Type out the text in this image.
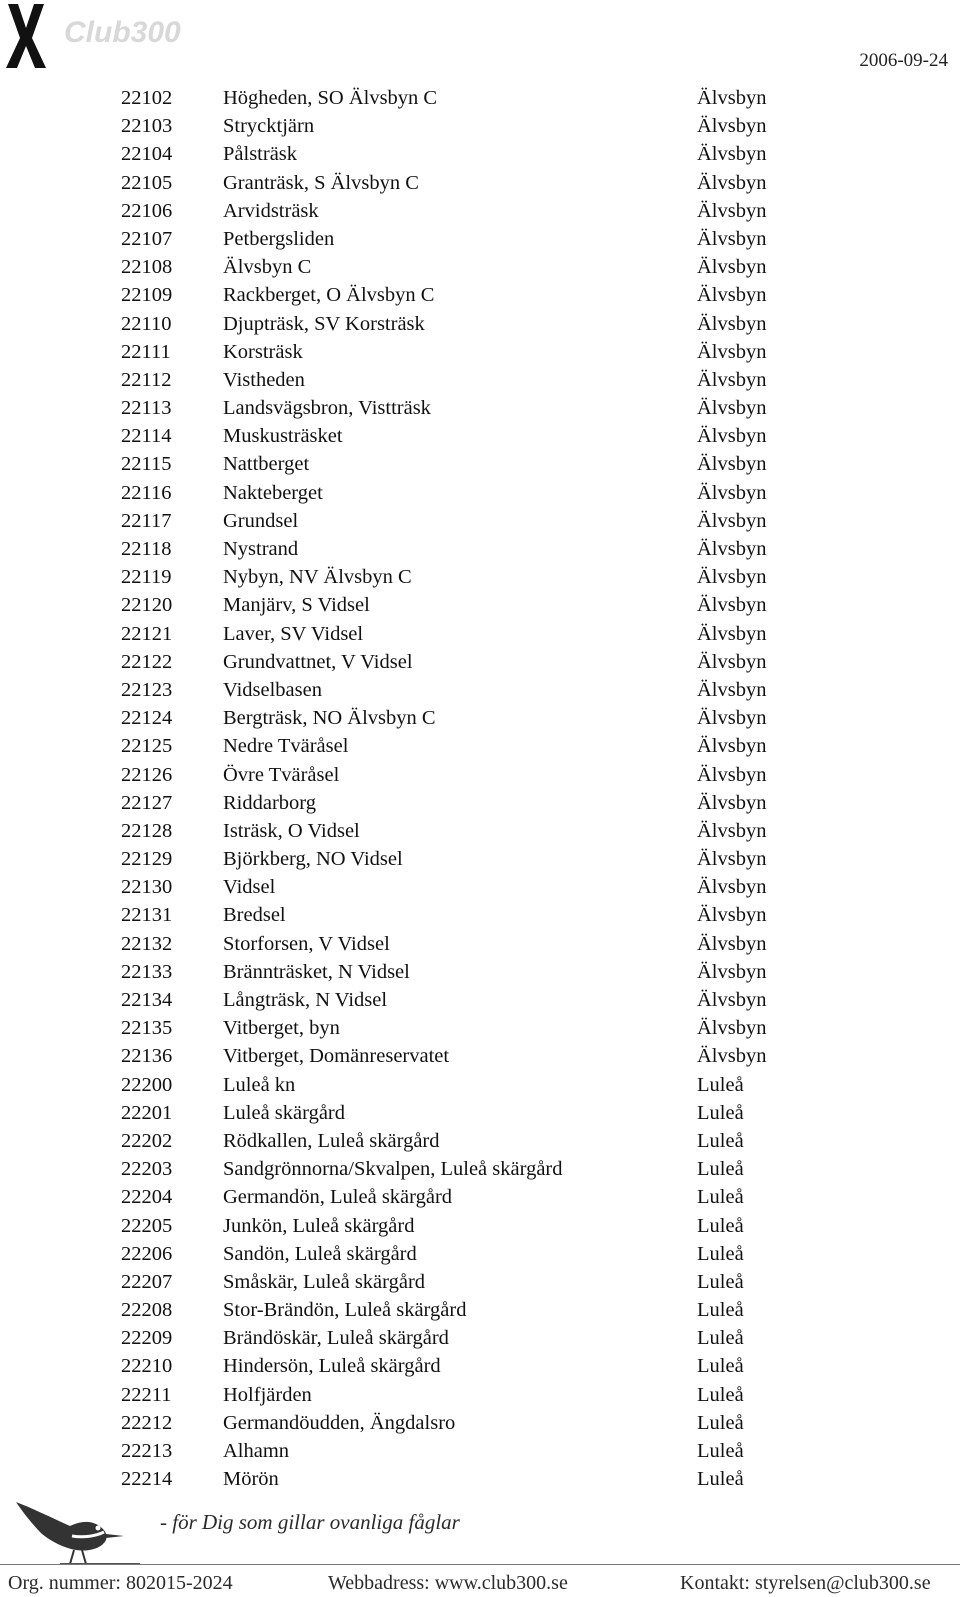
Club300
2006-09-24
22102 Högheden, SO Älvsbyn C	Älvsbyn
22103 Strycktjärn	Älvsbyn
22104 Pålsträsk	Älvsbyn
22105 Granträsk, S Älvsbyn C	Älvsbyn
22106 Arvidsträsk	Älvsbyn
22107 Petbergsliden	Älvsbyn
22108 Älvsbyn C	Älvsbyn
22109 Rackberget, O Älvsbyn C	Älvsbyn
22110	Djupträsk, SV Korsträsk	Älvsbyn
22111	Korsträsk	Älvsbyn
22112	Vistheden	Älvsbyn
22113	Landsvägsbron, Vistträsk	Älvsbyn
22114	Muskusträsket	Älvsbyn
22115	Nattberget	Älvsbyn
22116	Nakteberget	Älvsbyn
22117	Grundsel	Älvsbyn
22118	Nystrand	Älvsbyn
22119	Nybyn, NV Älvsbyn C	Älvsbyn
22120 Manjärv, S Vidsel	Älvsbyn
22121 Laver, SV Vidsel	Älvsbyn
22122 Grundvattnet, V Vidsel	Älvsbyn
22123 Vidselbasen	Älvsbyn
22124 Bergträsk, NO Älvsbyn C	Älvsbyn
22125 Nedre Tväråsel	Älvsbyn
22126 Övre Tväråsel	Älvsbyn
22127 Riddarborg	Älvsbyn
22128 Isträsk, O Vidsel	Älvsbyn
22129 Björkberg, NO Vidsel	Älvsbyn
22130 Vidsel	Älvsbyn
22131 Bredsel	Älvsbyn
22132 Storforsen, V Vidsel	Älvsbyn
22133 Brännträsket, N Vidsel	Älvsbyn
22134 Långträsk, N Vidsel	Älvsbyn
22135 Vitberget, byn	Älvsbyn
22136 Vitberget, Domänreservatet	Älvsbyn
22200 Luleå kn	Luleå
22201 Luleå skärgård	Luleå
22202 Rödkallen, Luleå skärgård	Luleå
22203 Sandgrönnorna/Skvalpen, Luleå skärgård	Luleå
22204 Germandön, Luleå skärgård	Luleå
22205 Junkön, Luleå skärgård	Luleå
22206 Sandön, Luleå skärgård	Luleå
22207 Småskär, Luleå skärgård	Luleå
22208 Stor-Brändön, Luleå skärgård	Luleå
22209 Brändöskär, Luleå skärgård	Luleå
22210 Hindersön, Luleå skärgård	Luleå
22211	Holfjärden	Luleå
22212 Germandöudden, Ängdalsro	Luleå
22213 Alhamn	Luleå
22214 Mörön	Luleå
- för Dig som gillar ovanliga fåglar
Org. nummer: 802015-2024	Webbadress: www.club300.se	Kontakt: styrelsen@club300.se
